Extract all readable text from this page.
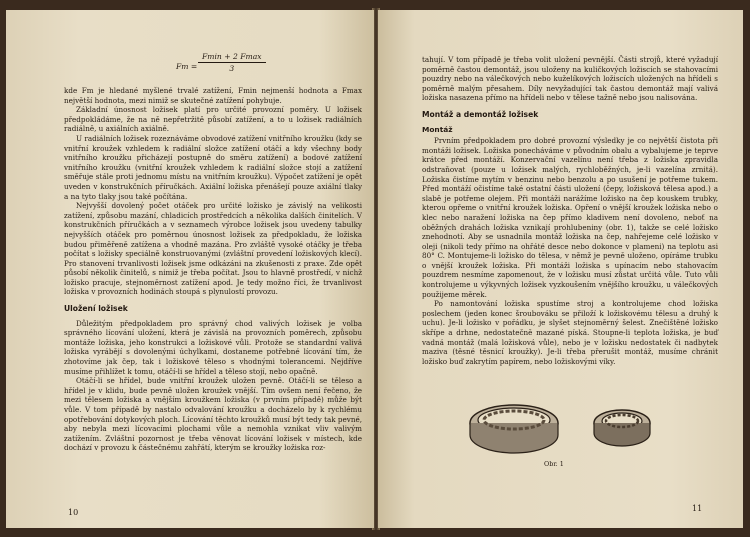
Fm =
Fmin + 2 Fmax
3

kde Fm je hledané myšlené trvalé zatížení, Fmin nejmenší hodnota a Fmax největší hodnota, mezi nimiž se skutečné zatížení pohybuje.

Základní únosnost ložisek platí pro určité provozní poměry. U ložisek předpokládáme, že na ně nepřetržitě působí zatížení, a to u ložisek radiálních radiálně, u axiálních axiálně.

U radiálních ložisek rozeznáváme obvodové zatížení vnitřního kroužku (kdy se vnitřní kroužek vzhledem k radiální složce zatížení otáčí a kdy všechny body vnitřního kroužku přicházejí postupně do směru zatížení) a bodové zatížení vnitřního kroužku (vnitřní kroužek vzhledem k radiální složce stojí a zatížení směřuje stále proti jednomu místu na vnitřním kroužku). Výpočet zatížení je opět uveden v konstrukčních příručkách. Axiální ložiska přenášejí pouze axiální tlaky a na tyto tlaky jsou také počítána.

Nejvyšší dovolený počet otáček pro určité ložisko je závislý na velikosti zatížení, způsobu mazání, chladicích prostředcích a několika dalších činitelích. V konstrukčních příručkách a v seznamech výrobce ložisek jsou uvedeny tabulky nejvyšších otáček pro poměrnou únosnost ložisek za předpokladu, že ložiska budou přiměřeně zatížena a vhodně mazána. Pro zvláště vysoké otáčky je třeba počítat s ložisky speciálně konstruovanými (zvláštní provedení ložiskových klecí). Pro stanovení trvanlivosti ložisek jsme odkázáni na zkušenosti z praxe. Zde opět působí několik činitelů, s nimiž je třeba počítat. Jsou to hlavně prostředí, v nichž ložisko pracuje, stejnoměrnost zatížení apod. Je tedy možno říci, že trvanlivost ložiska v provozních hodinách stoupá s plynulostí provozu.

Uložení ložisek

Důležitým předpokladem pro správný chod valivých ložisek je volba správného lícování uložení, která je závislá na provozních poměrech, způsobu montáže ložiska, jeho konstrukci a ložiskové vůli. Protože se standardní valivá ložiska vyrábějí s dovolenými úchylkami, dostaneme potřebné lícování tím, že zhotovíme jak čep, tak i ložiskové těleso s vhodnými tolerancemi. Nejdříve musíme přihlížet k tomu, otáčí-li se hřídel a těleso stojí, nebo opačně.

Otáčí-li se hřídel, bude vnitřní kroužek uložen pevně. Otáčí-li se těleso a hřídel je v klidu, bude pevně uložen kroužek vnější. Tím ovšem není řečeno, že mezi tělesem ložiska a vnějším kroužkem ložiska (v prvním případě) může být vůle. V tom případě by nastalo odvalování kroužku a docházelo by k rychlému opotřebování dotykových ploch. Lícování těchto kroužků musí být tedy tak pevné, aby nebyla mezi lícovacími plochami vůle a nemohla vznikat vliv valivým zatížením. Zvláštní pozornost je třeba věnovat lícování ložisek v místech, kde dochází v provozu k částečnému zahřátí, kterým se kroužky ložiska roz-

10

tahují. V tom případě je třeba volit uložení pevnější. Části strojů, které vyžadují poměrně častou demontáž, jsou uloženy na kuličkových ložiscích se stahovacími pouzdry nebo na válečkových nebo kuželíkových ložiscích uložených na hřídeli s poměrně malým přesahem. Díly nevyžadující tak častou demontáž mají valivá ložiska nasazena přímo na hřídeli nebo v tělese tažně nebo jsou nalisována.

Montáž a demontáž ložisek
Montáž

Prvním předpokladem pro dobré provozní výsledky je co největší čistota při montáži ložisek. Ložiska ponecháváme v původním obalu a vybalujeme je teprve krátce před montáží. Konzervační vazelínu není třeba z ložiska zpravidla odstraňovat (pouze u ložisek malých, rychloběžných, je-li vazelína zrnitá). Ložiska čistíme mytím v benzinu nebo benzolu a po usušení je potřeme tukem. Před montáží očistíme také ostatní části uložení (čepy, ložisková tělesa apod.) a slabě je potřeme olejem. Při montáži narážíme ložisko na čep kouskem trubky, kterou opřeme o vnitřní kroužek ložiska. Opření o vnější kroužek ložiska nebo o klec nebo naražení ložiska na čep přímo kladivem není dovoleno, neboť na oběžných drahách ložiska vznikají prohlubeniny (obr. 1), takže se celé ložisko znehodnotí. Aby se usnadnila montáž ložiska na čep, nahřejeme celé ložisko v oleji (nikoli tedy přímo na ohřáté desce nebo dokonce v plameni) na teplotu asi 80° C. Montujeme-li ložisko do tělesa, v němž je pevně uloženo, opíráme trubku o vnější kroužek ložiska. Při montáži ložiska s upínacím nebo stahovacím pouzdrem nesmíme zapomenout, že v ložisku musí zůstat určitá vůle. Tuto vůli kontrolujeme u výkyvných ložisek vyzkoušením vnějšího kroužku, u válečkových použijeme měrek.

Po namontování ložiska spustíme stroj a kontrolujeme chod ložiska poslechem (jeden konec šroubováku se přiloží k ložiskovému tělesu a druhý k uchu). Je-li ložisko v pořádku, je slyšet stejnoměrný šelest. Znečištěné ložisko skřípe a drhne, nedostatečně mazané píská. Stoupne-li teplota ložiska, je buď vadná montáž (malá ložisková vůle), nebo je v ložisku nedostatek či nadbytek maziva (těsné těsnicí kroužky). Je-li třeba přerušit montáž, musíme chránit ložisko buď zakrytím papírem, nebo ložiskovými víky.

Obr. 1
11
